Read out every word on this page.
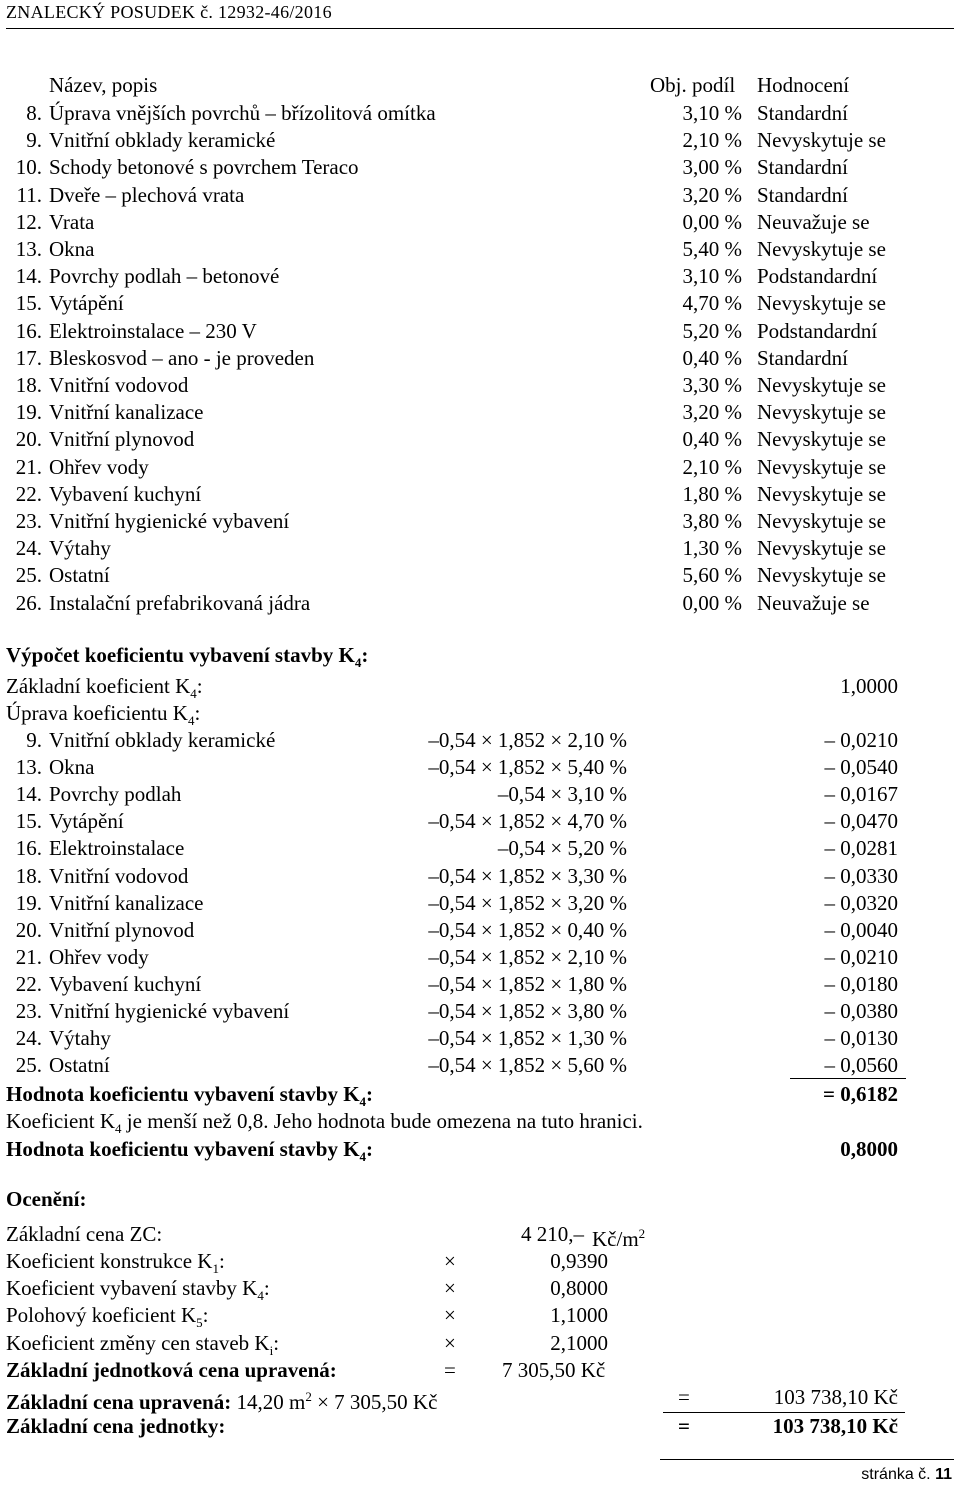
ZNALECKÝ POSUDEK č. 12932-46/2016
Název, popis	Obj. podíl Hodnocení
8. Úprava vnějších povrchů – břízolitová omítka	3,10 % Standardní
9. Vnitřní obklady keramické	2,10 % Nevyskytuje se
10. Schody betonové s povrchem Teraco	3,00 % Standardní
11. Dveře – plechová vrata	3,20 % Standardní
12. Vrata	0,00 % Neuvažuje se
13. Okna	5,40 % Nevyskytuje se
14. Povrchy podlah – betonové	3,10 % Podstandardní
15. Vytápění	4,70 % Nevyskytuje se
16. Elektroinstalace – 230 V	5,20 % Podstandardní
17. Bleskosvod – ano - je proveden	0,40 % Standardní
18. Vnitřní vodovod	3,30 % Nevyskytuje se
19. Vnitřní kanalizace	3,20 % Nevyskytuje se
20. Vnitřní plynovod	0,40 % Nevyskytuje se
21. Ohřev vody	2,10 % Nevyskytuje se
22. Vybavení kuchyní	1,80 % Nevyskytuje se
23. Vnitřní hygienické vybavení	3,80 % Nevyskytuje se
24. Výtahy	1,30 % Nevyskytuje se
25. Ostatní	5,60 % Nevyskytuje se
26. Instalační prefabrikovaná jádra	0,00 % Neuvažuje se
Výpočet koeficientu vybavení stavby $K_4$:
Základní koeficient $K_4$:	1,0000
Úprava koeficientu $K_4$:
9. Vnitřní obklady keramické	–0,54 × 1,852 × 2,10 %	– 0,0210
13. Okna	–0,54 × 1,852 × 5,40 %	– 0,0540
14. Povrchy podlah	–0,54 × 3,10 %	– 0,0167
15. Vytápění	–0,54 × 1,852 × 4,70 %	– 0,0470
16. Elektroinstalace	–0,54 × 5,20 %	– 0,0281
18. Vnitřní vodovod	–0,54 × 1,852 × 3,30 %	– 0,0330
19. Vnitřní kanalizace	–0,54 × 1,852 × 3,20 %	– 0,0320
20. Vnitřní plynovod	–0,54 × 1,852 × 0,40 %	– 0,0040
21. Ohřev vody	–0,54 × 1,852 × 2,10 %	– 0,0210
22. Vybavení kuchyní	–0,54 × 1,852 × 1,80 %	– 0,0180
23. Vnitřní hygienické vybavení	–0,54 × 1,852 × 3,80 %	– 0,0380
24. Výtahy	–0,54 × 1,852 × 1,30 %	– 0,0130
25. Ostatní	–0,54 × 1,852 × 5,60 %	– 0,0560
Hodnota koeficientu vybavení stavby $K_4$:	= 0,6182
Koeficient $K_4$ je menší než 0,8. Jeho hodnota bude omezena na tuto hranici.
Hodnota koeficientu vybavení stavby $K_4$:	0,8000
Ocenění:
Základní cena ZC:	4 210,– $Kč/m^2$
Koeficient konstrukce $K_1$:	×	0,9390
Koeficient vybavení stavby $K_4$:	×	0,8000
Polohový koeficient $K_5$:	×	1,1000
Koeficient změny cen staveb $K_i$:	×	2,1000
Základní jednotková cena upravená:	= 7 305,50 Kč
Základní cena upravená: 14,20 $m^2 \times 7$ 305,50 Kč	=	103 738,10 Kč
Základní cena jednotky:	=	103 738,10 Kč
stránka č. 11
